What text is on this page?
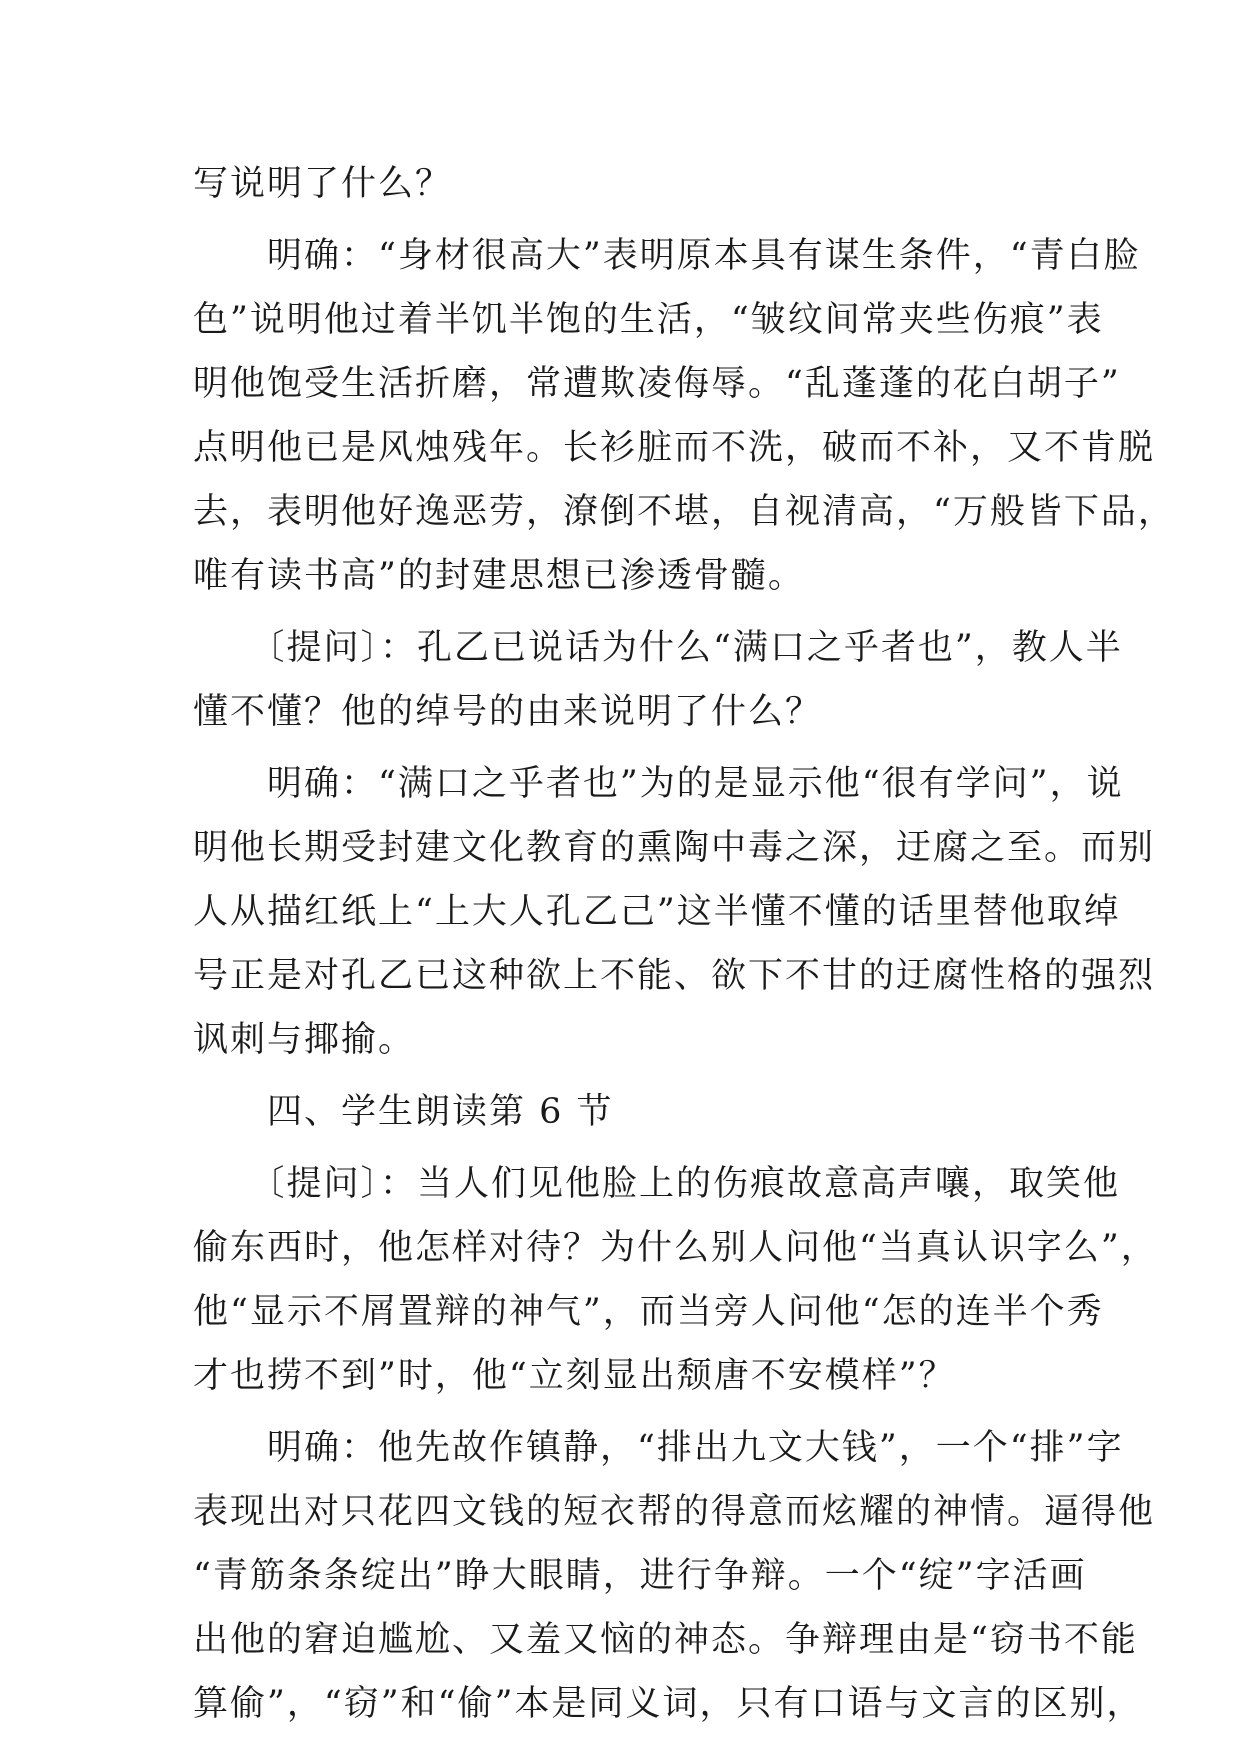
写说明了什么？
　　明确：“身材很高大”表明原本具有谋生条件，“青白脸
色”说明他过着半饥半饱的生活，“皱纹间常夹些伤痕”表
明他饱受生活折磨，常遭欺凌侮辱。“乱蓬蓬的花白胡子”
点明他已是风烛残年。长衫脏而不洗，破而不补，又不肯脱
去，表明他好逸恶劳，潦倒不堪，自视清高，“万般皆下品，
唯有读书高”的封建思想已渗透骨髓。
　　〔提问〕：孔乙已说话为什么“满口之乎者也”，教人半
懂不懂？他的绰号的由来说明了什么？
　　明确：“满口之乎者也”为的是显示他“很有学问”，说
明他长期受封建文化教育的熏陶中毒之深，迂腐之至。而别
人从描红纸上“上大人孔乙己”这半懂不懂的话里替他取绰
号正是对孔乙已这种欲上不能、欲下不甘的迂腐性格的强烈
讽刺与揶揄。
　　四、学生朗读第 6 节
　　〔提问〕：当人们见他脸上的伤痕故意高声嚷，取笑他
偷东西时，他怎样对待？为什么别人问他“当真认识字么”，
他“显示不屑置辩的神气”，而当旁人问他“怎的连半个秀
才也捞不到”时，他“立刻显出颓唐不安模样”？
　　明确：他先故作镇静，“排出九文大钱”，一个“排”字
表现出对只花四文钱的短衣帮的得意而炫耀的神情。逼得他
“青筋条条绽出”睁大眼睛，进行争辩。一个“绽”字活画
出他的窘迫尴尬、又羞又恼的神态。争辩理由是“窃书不能
算偷”，“窃”和“偷”本是同义词，只有口语与文言的区别，
